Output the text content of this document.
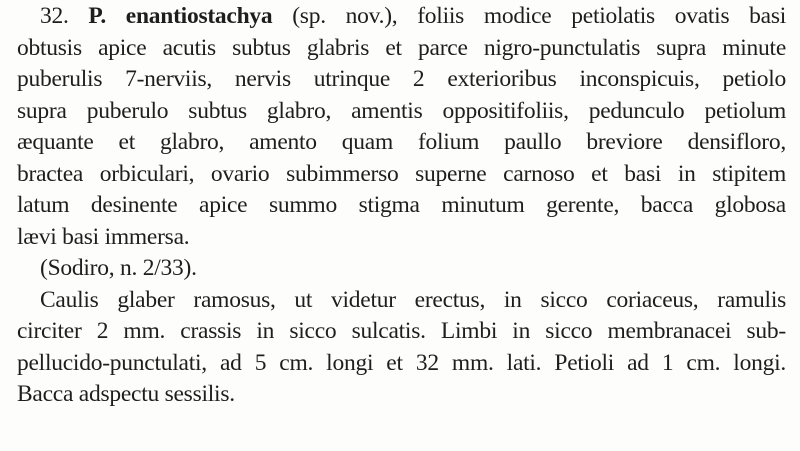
32. P. enantiostachya (sp. nov.), foliis modice petiolatis ovatis basi
obtusis apice acutis subtus glabris et parce nigro-punctulatis supra minute
puberulis 7-nerviis, nervis utrinque 2 exterioribus inconspicuis, petiolo
supra puberulo subtus glabro, amentis oppositifoliis, pedunculo petiolum
æquante et glabro, amento quam folium paullo breviore densifloro,
bractea orbiculari, ovario subimmerso superne carnoso et basi in stipitem
latum desinente apice summo stigma minutum gerente, bacca globosa
lævi basi immersa.
(Sodiro, n. 2/33).
Caulis glaber ramosus, ut videtur erectus, in sicco coriaceus, ramulis
circiter 2 mm. crassis in sicco sulcatis. Limbi in sicco membranacei sub-
pellucido-punctulati, ad 5 cm. longi et 32 mm. lati. Petioli ad 1 cm. longi.
Bacca adspectu sessilis.
